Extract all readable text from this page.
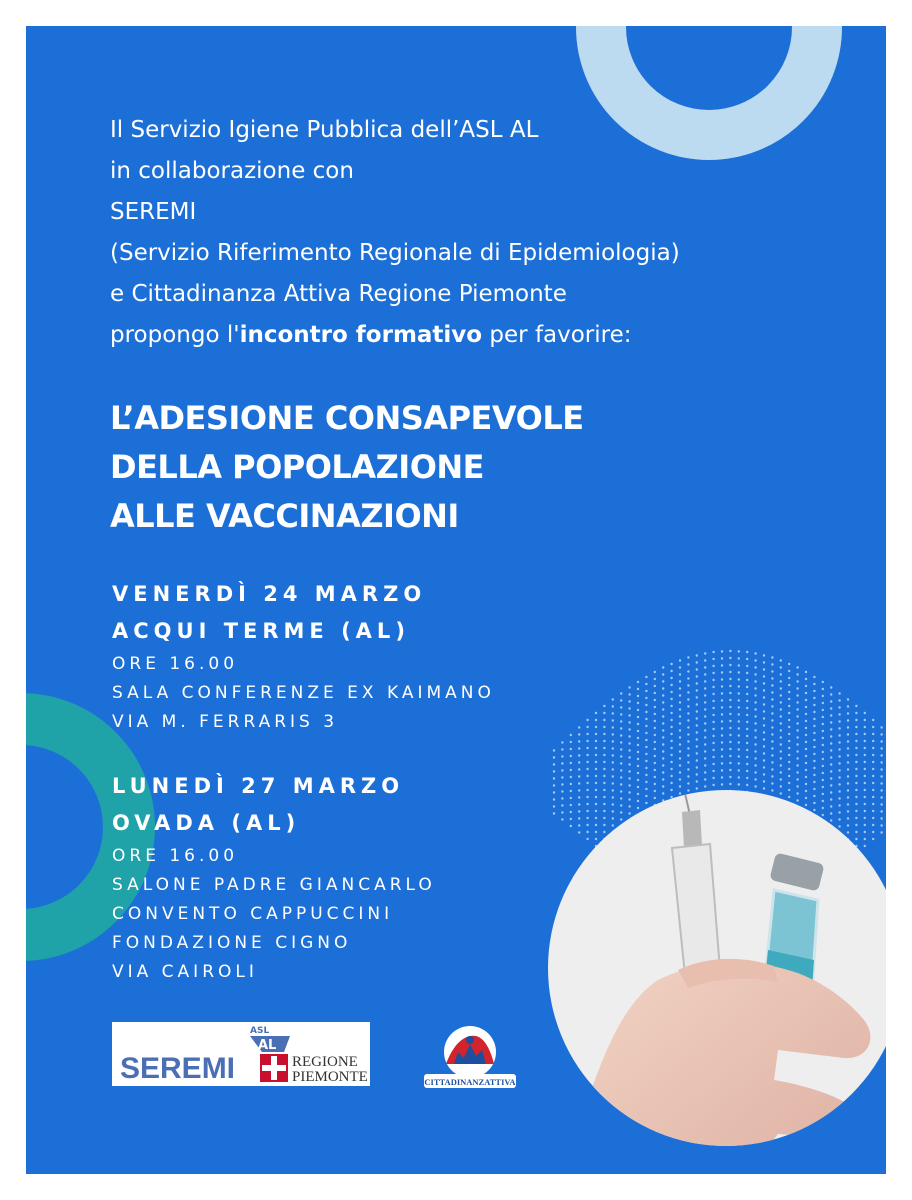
Il Servizio Igiene Pubblica dell’ASL AL
in collaborazione con
SEREMI
(Servizio Riferimento Regionale di Epidemiologia)
e Cittadinanza Attiva Regione Piemonte
propongo l'incontro formativo per favorire:
L’ADESIONE CONSAPEVOLE
DELLA POPOLAZIONE
ALLE VACCINAZIONI
VENERDÌ 24 MARZO
ACQUI TERME (AL)
ORE 16.00
SALA CONFERENZE EX KAIMANO
VIA M. FERRARIS 3
LUNEDÌ 27 MARZO
OVADA (AL)
ORE 16.00
SALONE PADRE GIANCARLO
CONVENTO CAPPUCCINI
FONDAZIONE CIGNO
VIA CAIROLI
ASL
AL
SEREMI	REGIONE
PIEMONTE	CITTADINANZATTIVA
